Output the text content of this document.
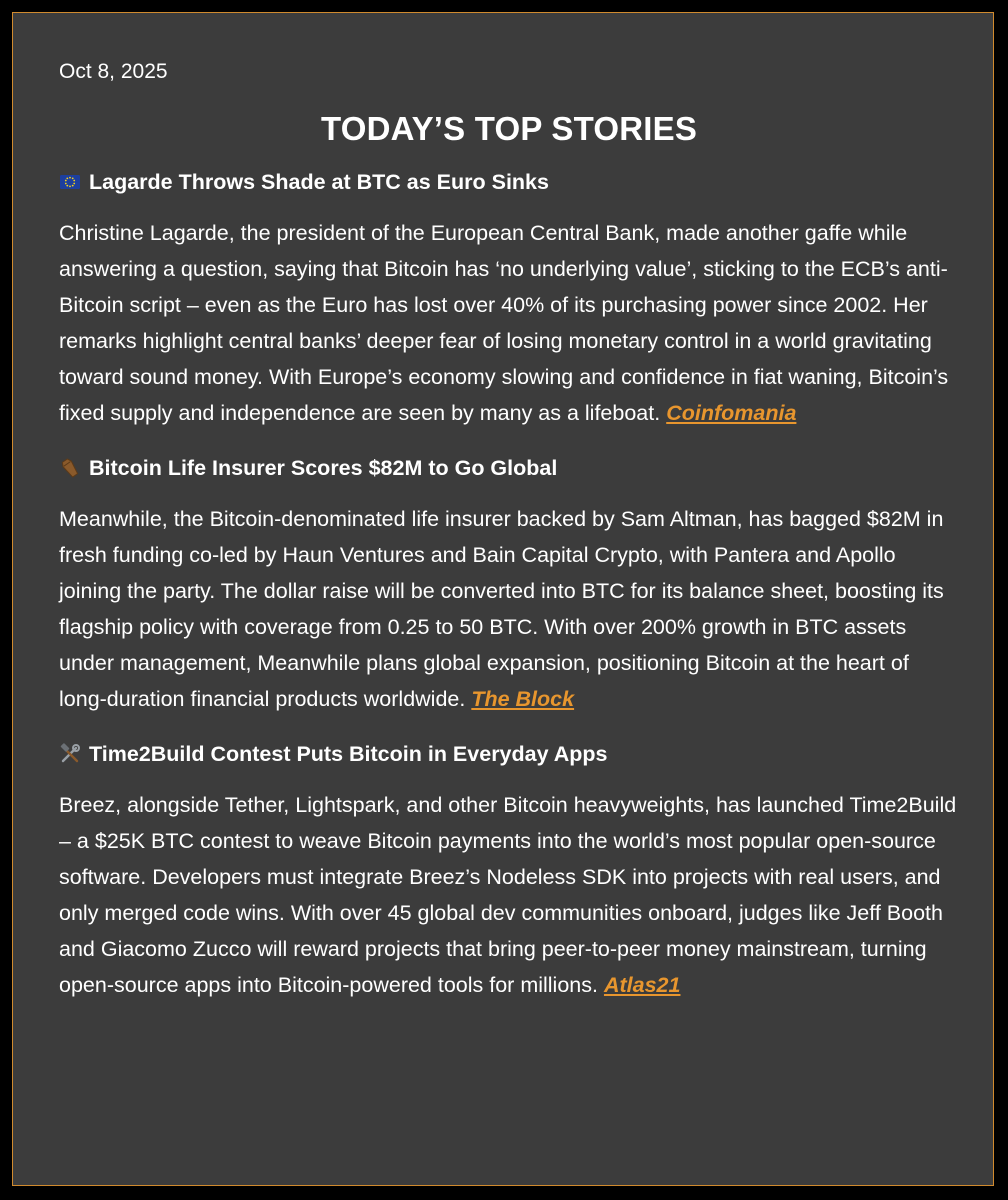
Oct 8, 2025
TODAY’S TOP STORIES
Lagarde Throws Shade at BTC as Euro Sinks
Christine Lagarde, the president of the European Central Bank, made another gaffe while answering a question, saying that Bitcoin has ‘no underlying value’, sticking to the ECB’s anti-Bitcoin script – even as the Euro has lost over 40% of its purchasing power since 2002. Her remarks highlight central banks’ deeper fear of losing monetary control in a world gravitating toward sound money. With Europe’s economy slowing and confidence in fiat waning, Bitcoin’s fixed supply and independence are seen by many as a lifeboat. Coinfomania
Bitcoin Life Insurer Scores $82M to Go Global
Meanwhile, the Bitcoin-denominated life insurer backed by Sam Altman, has bagged $82M in fresh funding co-led by Haun Ventures and Bain Capital Crypto, with Pantera and Apollo joining the party. The dollar raise will be converted into BTC for its balance sheet, boosting its flagship policy with coverage from 0.25 to 50 BTC. With over 200% growth in BTC assets under management, Meanwhile plans global expansion, positioning Bitcoin at the heart of long-duration financial products worldwide. The Block
Time2Build Contest Puts Bitcoin in Everyday Apps
Breez, alongside Tether, Lightspark, and other Bitcoin heavyweights, has launched Time2Build – a $25K BTC contest to weave Bitcoin payments into the world’s most popular open-source software. Developers must integrate Breez’s Nodeless SDK into projects with real users, and only merged code wins. With over 45 global dev communities onboard, judges like Jeff Booth and Giacomo Zucco will reward projects that bring peer-to-peer money mainstream, turning open-source apps into Bitcoin-powered tools for millions. Atlas21
